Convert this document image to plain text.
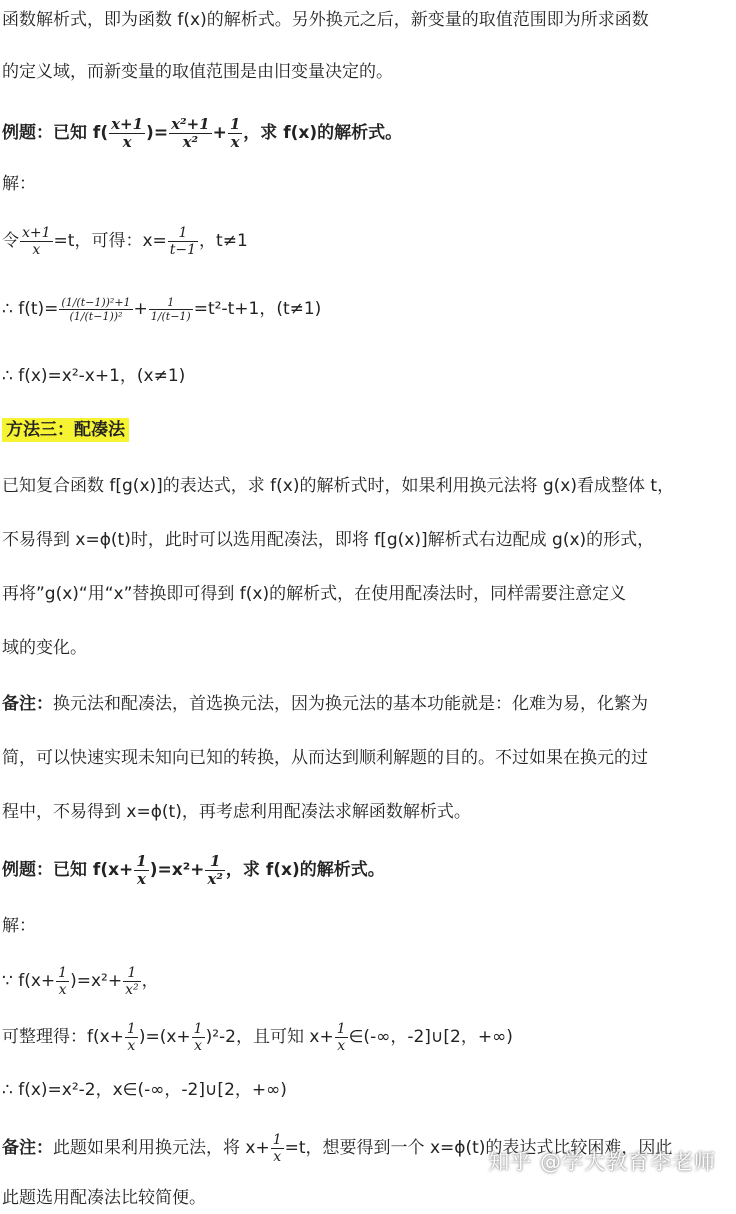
函数解析式，即为函数 f(x)的解析式。另外换元之后，新变量的取值范围即为所求函数
的定义域，而新变量的取值范围是由旧变量决定的。
例题：已知 $f( \frac{x+1}{x}$ )= $\frac{\text{x²+1}}{\text{x²}} + \frac{1}{x}$ ，求 f(x)的解析式。
解：
令 $\frac{x+1}{x} =t$，可得：$x= \frac{1}{t-1}$ ，t≠1
∴ $f(t)= \frac{\text{(1/(t−1))²+1}}{\text{(1/(t−1))²}} + \frac{1}{1/(t-1)} =t^2-t+1$，(t≠1)
∴ f(x)=x²-x+1，(x≠1)
方法三：配凑法
已知复合函数 f[g(x)]的表达式，求 f(x)的解析式时，如果利用换元法将 g(x)看成整体 t，
不易得到 x=ϕ(t)时，此时可以选用配凑法，即将 f[g(x)]解析式右边配成 g(x)的形式，
再将”g(x)“用“x”替换即可得到 f(x)的解析式，在使用配凑法时，同样需要注意定义
域的变化。
备注：换元法和配凑法，首选换元法，因为换元法的基本功能就是：化难为易，化繁为
简，可以快速实现未知向已知的转换，从而达到顺利解题的目的。不过如果在换元的过
程中，不易得到 x=ϕ(t)，再考虑利用配凑法求解函数解析式。
例题：已知 $f(x+ \frac{1}{x} )=x^2+ \frac{1}{\text{x²}}$ ，求 f(x)的解析式。
解：
∵ $f(x+ \frac{1}{x} )=x^2+ \frac{1}{\text{x²}}$ ，
可整理得：$f(x+ \frac{1}{x} )=(x+ \frac{1}{x} )^2-2$，且可知 $x+ \frac{1}{x}$ ∈(-∞，-2]∪[2，+∞)
∴ f(x)=x²-2，x∈(-∞，-2]∪[2，+∞)
备注：此题如果利用换元法，将 $x+ \frac{1}{x} =t$，想要得到一个 x=ϕ(t)的表达式比较困难，因此
此题选用配凑法比较简便。
知乎 @学大教育李老师
